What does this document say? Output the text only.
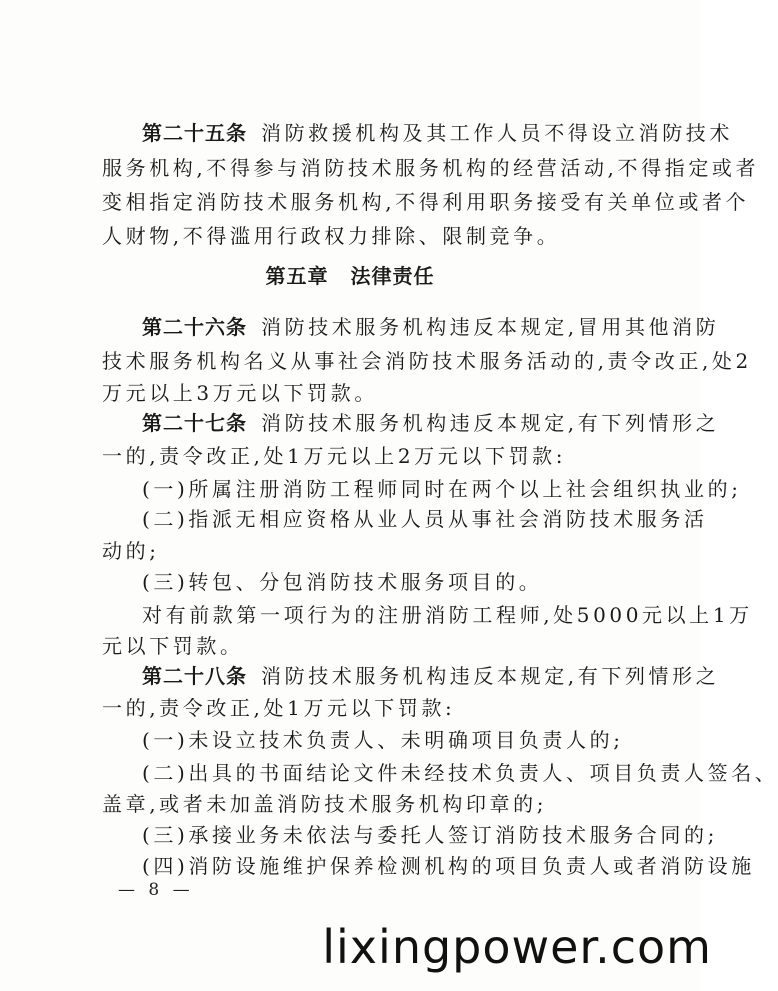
第二十五条 消防救援机构及其工作人员不得设立消防技术
服务机构,不得参与消防技术服务机构的经营活动,不得指定或者
变相指定消防技术服务机构,不得利用职务接受有关单位或者个
人财物,不得滥用行政权力排除、限制竞争。
第五章 法律责任
第二十六条 消防技术服务机构违反本规定,冒用其他消防
技术服务机构名义从事社会消防技术服务活动的,责令改正,处2
万元以上3万元以下罚款。
第二十七条 消防技术服务机构违反本规定,有下列情形之
一的,责令改正,处1万元以上2万元以下罚款:
(一)所属注册消防工程师同时在两个以上社会组织执业的;
(二)指派无相应资格从业人员从事社会消防技术服务活
动的;
(三)转包、分包消防技术服务项目的。
对有前款第一项行为的注册消防工程师,处5000元以上1万
元以下罚款。
第二十八条 消防技术服务机构违反本规定,有下列情形之
一的,责令改正,处1万元以下罚款:
(一)未设立技术负责人、未明确项目负责人的;
(二)出具的书面结论文件未经技术负责人、项目负责人签名、
盖章,或者未加盖消防技术服务机构印章的;
(三)承接业务未依法与委托人签订消防技术服务合同的;
(四)消防设施维护保养检测机构的项目负责人或者消防设施
— 8 —
lixingpower.com
